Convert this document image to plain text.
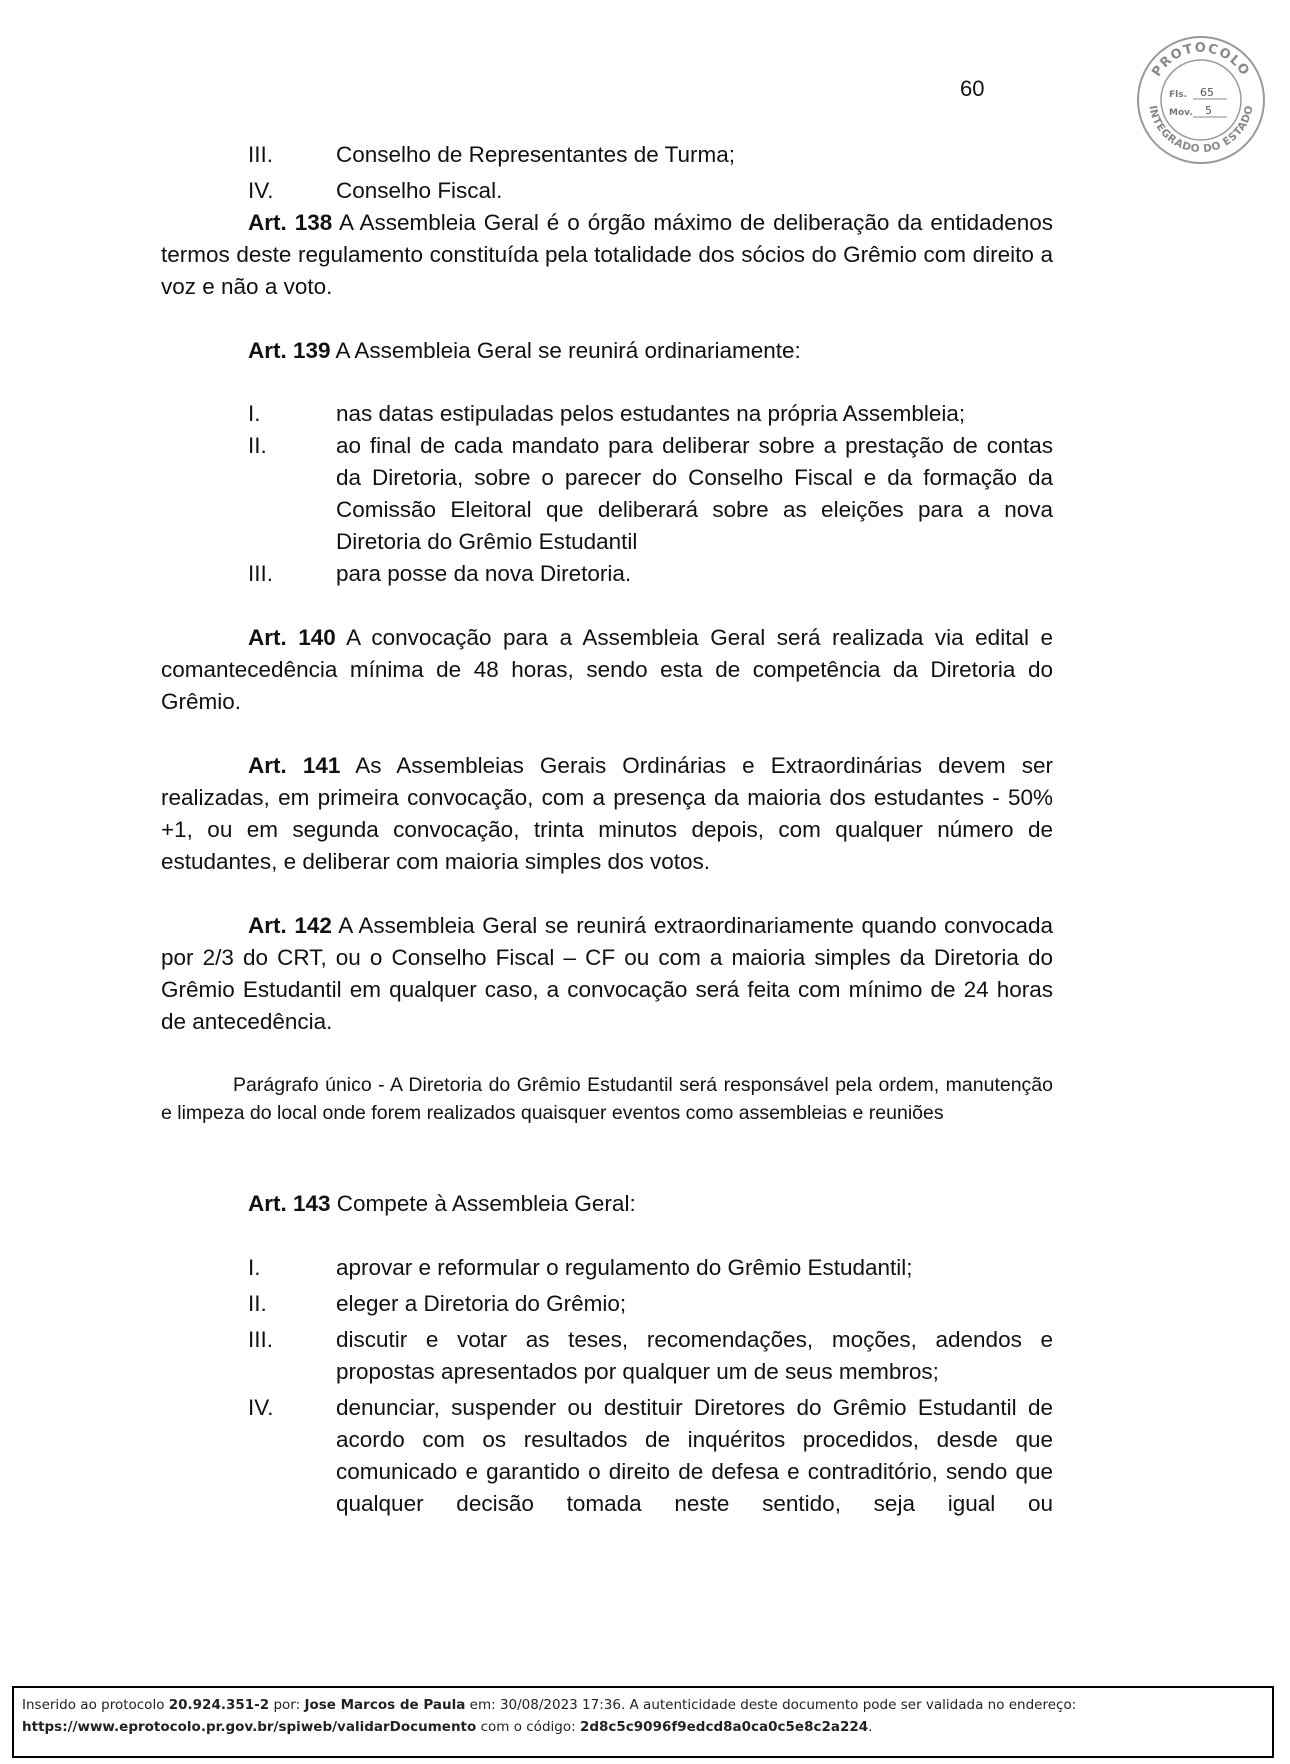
60
PROTOCOLO
INTEGRADO DO ESTADO
Fls. 65
Mov. 5
III.	Conselho de Representantes de Turma;
IV.	Conselho Fiscal.

Art. 138 A Assembleia Geral é o órgão máximo de deliberação da entidadenos termos deste regulamento constituída pela totalidade dos sócios do Grêmio com direito a voz e não a voto.

Art. 139 A Assembleia Geral se reunirá ordinariamente:

I.	nas datas estipuladas pelos estudantes na própria Assembleia;
II.	ao final de cada mandato para deliberar sobre a prestação de contas da Diretoria, sobre o parecer do Conselho Fiscal e da formação da Comissão Eleitoral que deliberará sobre as eleições para a nova Diretoria do Grêmio Estudantil
III.	para posse da nova Diretoria.

Art. 140 A convocação para a Assembleia Geral será realizada via edital e comantecedência mínima de 48 horas, sendo esta de competência da Diretoria do Grêmio.

Art. 141 As Assembleias Gerais Ordinárias e Extraordinárias devem ser realizadas, em primeira convocação, com a presença da maioria dos estudantes - 50% +1, ou em segunda convocação, trinta minutos depois, com qualquer número de estudantes, e deliberar com maioria simples dos votos.

Art. 142 A Assembleia Geral se reunirá extraordinariamente quando convocada por 2/3 do CRT, ou o Conselho Fiscal – CF ou com a maioria simples da Diretoria do Grêmio Estudantil em qualquer caso, a convocação será feita com mínimo de 24 horas de antecedência.

Parágrafo único - A Diretoria do Grêmio Estudantil será responsável pela ordem, manutenção e limpeza do local onde forem realizados quaisquer eventos como assembleias e reuniões

Art. 143 Compete à Assembleia Geral:

I.	aprovar e reformular o regulamento do Grêmio Estudantil;
II.	eleger a Diretoria do Grêmio;
III.	discutir e votar as teses, recomendações, moções, adendos e propostas apresentados por qualquer um de seus membros;
IV.	denunciar, suspender ou destituir Diretores do Grêmio Estudantil de acordo com os resultados de inquéritos procedidos, desde que comunicado e garantido o direito de defesa e contraditório, sendo que qualquer decisão tomada neste sentido, seja igual ou
Inserido ao protocolo 20.924.351-2 por: Jose Marcos de Paula em: 30/08/2023 17:36. A autenticidade deste documento pode ser validada no endereço:
https://www.eprotocolo.pr.gov.br/spiweb/validarDocumento com o código: 2d8c5c9096f9edcd8a0ca0c5e8c2a224.
